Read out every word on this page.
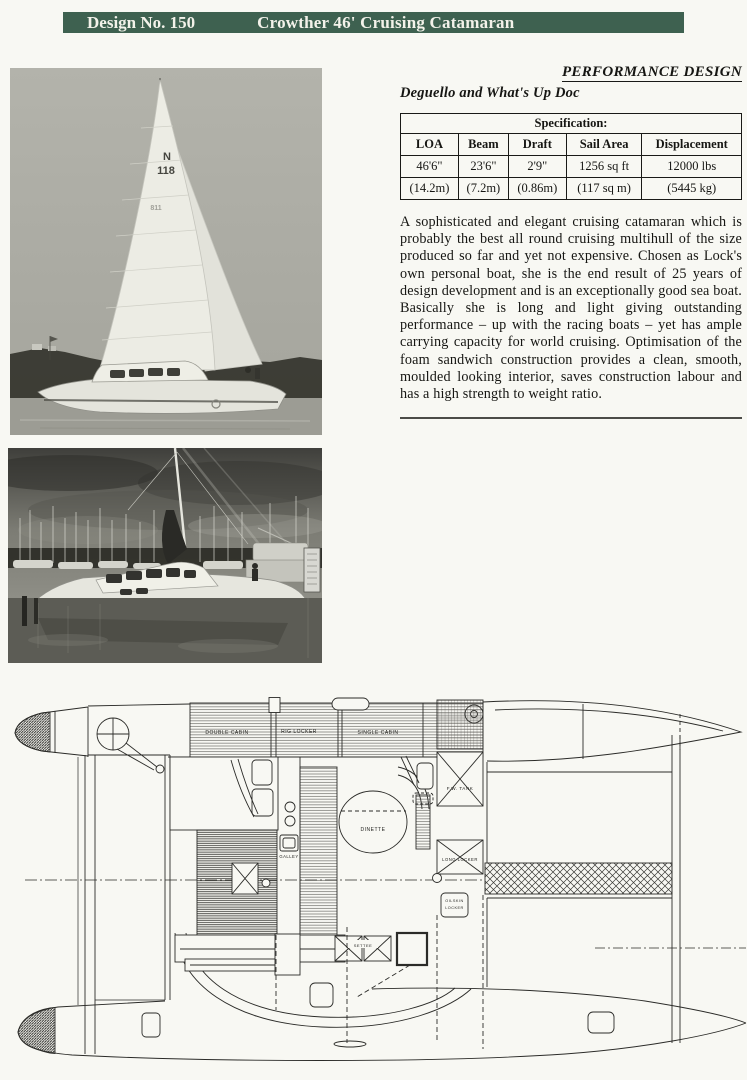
Design No. 150	Crowther 46' Cruising Catamaran
N
118
811
PERFORMANCE DESIGN
Deguello and What's Up Doc
Specification:				
LOA	Beam	Draft	Sail Area	Displacement
46'6"	23'6"	2'9"	1256 sq ft	12000 lbs
(14.2m)	(7.2m)	(0.86m)	(117 sq m)	(5445 kg)

A sophisticated and elegant cruising catamaran which is probably the best all round cruising multihull of the size produced so far and yet not expensive. Chosen as Lock's own personal boat, she is the end result of 25 years of design development and is an exceptionally good sea boat. Basically she is long and light giving outstanding performance – up with the racing boats – yet has ample carrying capacity for world cruising. Optimisation of the foam sandwich construction provides a clean, smooth, moulded looking interior, saves construction labour and has a high strength to weight ratio.

DOUBLE CABIN	RIG LOCKER	SINGLE CABIN
GALLEY
DINETTE
F.W. TANK
LONG LOCKER
OILSKIN
LOCKER
SETTEE
